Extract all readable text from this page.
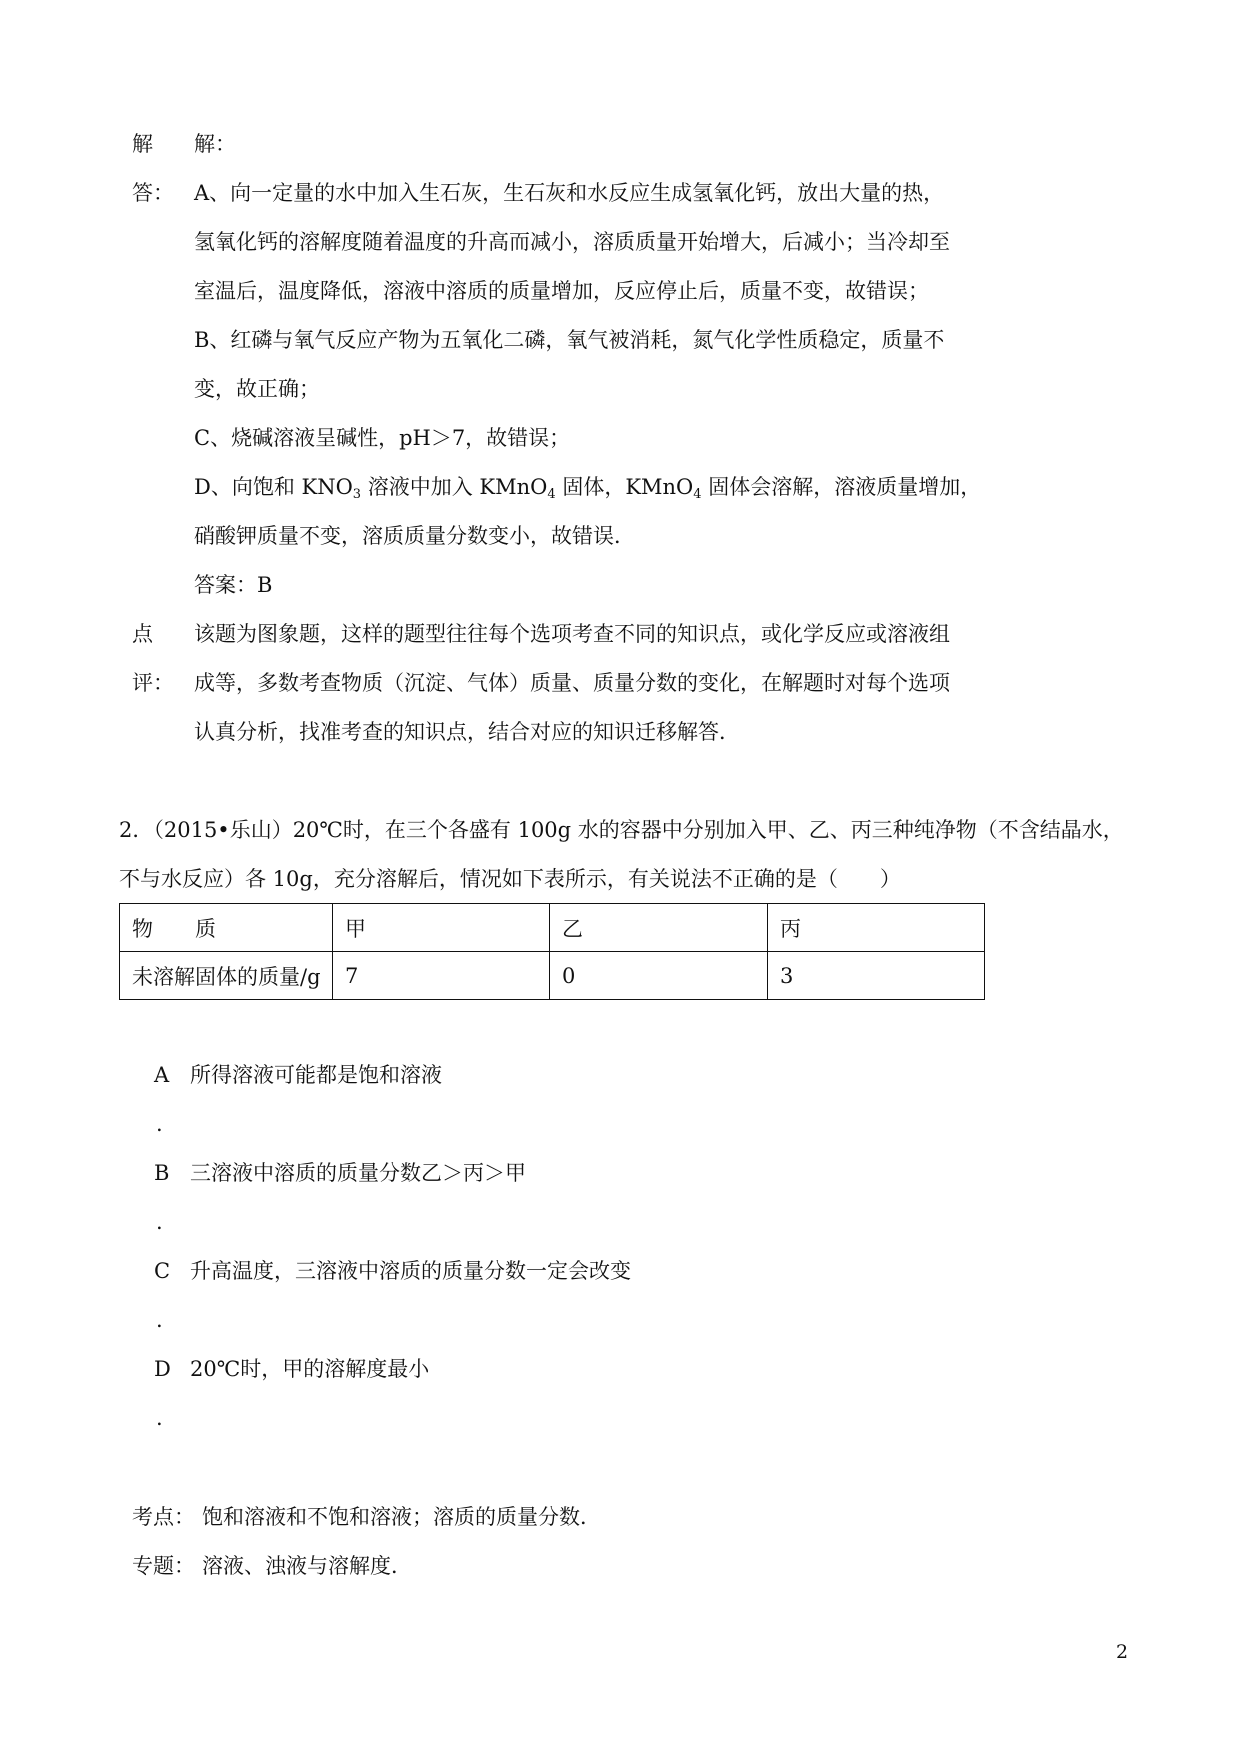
解 解：
答： A、向一定量的水中加入生石灰，生石灰和水反应生成氢氧化钙，放出大量的热，
氢氧化钙的溶解度随着温度的升高而减小，溶质质量开始增大，后减小；当冷却至
室温后，温度降低，溶液中溶质的质量增加，反应停止后，质量不变，故错误；
B、红磷与氧气反应产物为五氧化二磷，氧气被消耗，氮气化学性质稳定，质量不
变，故正确；
C、烧碱溶液呈碱性，pH＞7，故错误；
D、向饱和 $KNO_3$ 溶液中加入 KMnO$_4$ 固体，KMnO$_4$ 固体会溶解，溶液质量增加，
硝酸钾质量不变，溶质质量分数变小，故错误．
答案：B
点
评：
该题为图象题，这样的题型往往每个选项考查不同的知识点，或化学反应或溶液组
成等，多数考查物质（沉淀、气体）质量、质量分数的变化，在解题时对每个选项
认真分析，找准考查的知识点，结合对应的知识迁移解答．
2．（2015•乐山）20℃时，在三个各盛有 100g 水的容器中分别加入甲、乙、丙三种纯净物（不含结晶水，
不与水反应）各 10g，充分溶解后，情况如下表所示，有关说法不正确的是（　　）
物　　质	甲	乙	丙
未溶解固体的质量/g	7	0	3
A 所得溶液可能都是饱和溶液
.
B 三溶液中溶质的质量分数乙＞丙＞甲
.
C 升高温度，三溶液中溶质的质量分数一定会改变
.
D 20℃时，甲的溶解度最小
.
考点： 饱和溶液和不饱和溶液；溶质的质量分数．
专题： 溶液、浊液与溶解度．
2
